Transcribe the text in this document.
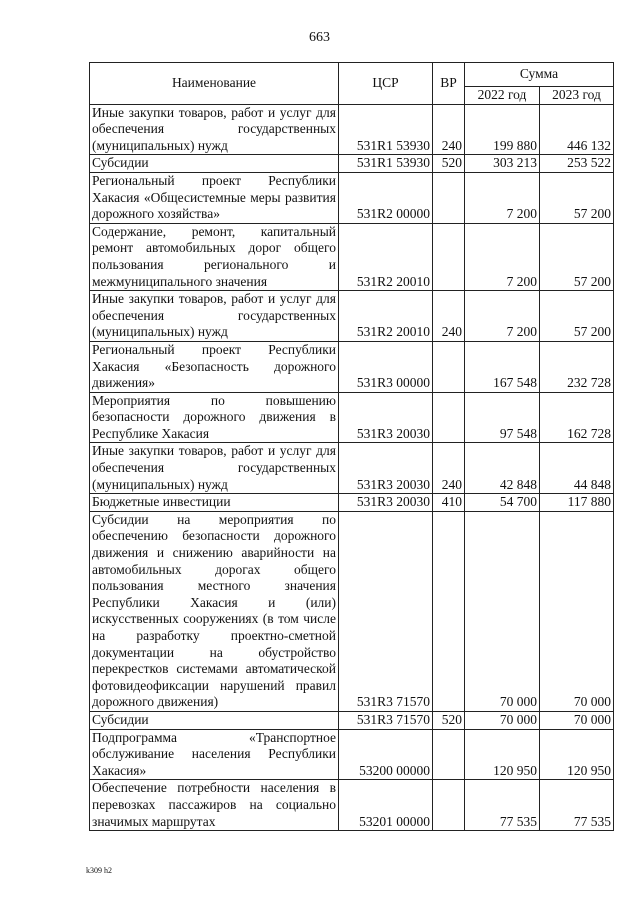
663
Наименование	ЦСР	ВР	Сумма	
			2022 год	2023 год
Иные закупки товаров, работ и услуг для обеспечения государственных (муниципальных) нужд	531R1 53930	240	199 880	446 132
Субсидии	531R1 53930	520	303 213	253 522
Региональный проект Республики Хакасия «Общесистемные меры развития дорожного хозяйства»	531R2 00000		7 200	57 200
Содержание, ремонт, капитальный ремонт автомобильных дорог общего пользования регионального и межмуниципального значения	531R2 20010		7 200	57 200
Иные закупки товаров, работ и услуг для обеспечения государственных (муниципальных) нужд	531R2 20010	240	7 200	57 200
Региональный проект Республики Хакасия «Безопасность дорожного движения»	531R3 00000		167 548	232 728
Мероприятия по повышению безопасности дорожного движения в Республике Хакасия	531R3 20030		97 548	162 728
Иные закупки товаров, работ и услуг для обеспечения государственных (муниципальных) нужд	531R3 20030	240	42 848	44 848
Бюджетные инвестиции	531R3 20030	410	54 700	117 880
Субсидии на мероприятия по обеспечению безопасности дорожного движения и снижению аварийности на автомобильных дорогах общего пользования местного значения Республики Хакасия и (или) искусственных сооружениях (в том числе на разработку проектно-сметной документации на обустройство перекрестков системами автоматической фотовидеофиксации нарушений правил дорожного движения)	531R3 71570		70 000	70 000
Субсидии	531R3 71570	520	70 000	70 000
Подпрограмма «Транспортное обслуживание населения Республики Хакасия»	53200 00000		120 950	120 950
Обеспечение потребности населения в перевозках пассажиров на социально значимых маршрутах	53201 00000		77 535	77 535
k309 h2
